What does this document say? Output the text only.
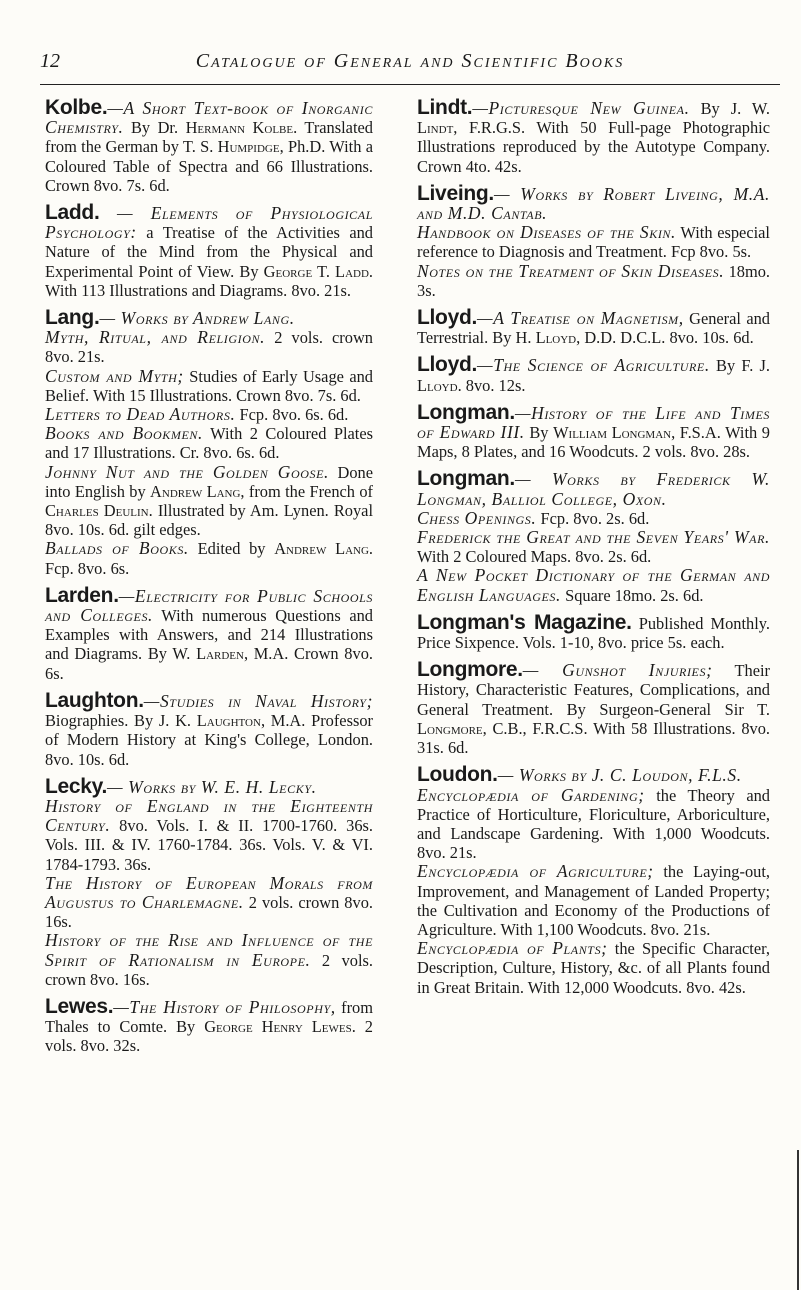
12	Catalogue of General and Scientific Books

Kolbe.—A Short Text-book of Inorganic Chemistry. By Dr. Hermann Kolbe. Translated from the German by T. S. Humpidge, Ph.D. With a Coloured Table of Spectra and 66 Illustrations. Crown 8vo. 7s. 6d.

Ladd. — Elements of Physiological Psychology: a Treatise of the Activities and Nature of the Mind from the Physical and Experimental Point of View. By George T. Ladd. With 113 Illustrations and Diagrams. 8vo. 21s.

Lang.— Works by Andrew Lang.
Myth, Ritual, and Religion. 2 vols. crown 8vo. 21s.
Custom and Myth; Studies of Early Usage and Belief. With 15 Illustrations. Crown 8vo. 7s. 6d.
Letters to Dead Authors. Fcp. 8vo. 6s. 6d.
Books and Bookmen. With 2 Coloured Plates and 17 Illustrations. Cr. 8vo. 6s. 6d.
Johnny Nut and the Golden Goose. Done into English by Andrew Lang, from the French of Charles Deulin. Illustrated by Am. Lynen. Royal 8vo. 10s. 6d. gilt edges.
Ballads of Books. Edited by Andrew Lang. Fcp. 8vo. 6s.

Larden.—Electricity for Public Schools and Colleges. With numerous Questions and Examples with Answers, and 214 Illustrations and Diagrams. By W. Larden, M.A. Crown 8vo. 6s.

Laughton.—Studies in Naval History; Biographies. By J. K. Laughton, M.A. Professor of Modern History at King's College, London. 8vo. 10s. 6d.

Lecky.— Works by W. E. H. Lecky.
History of England in the Eighteenth Century. 8vo. Vols. I. & II. 1700-1760. 36s. Vols. III. & IV. 1760-1784. 36s. Vols. V. & VI. 1784-1793. 36s.
The History of European Morals from Augustus to Charlemagne. 2 vols. crown 8vo. 16s.
History of the Rise and Influence of the Spirit of Rationalism in Europe. 2 vols. crown 8vo. 16s.

Lewes.—The History of Philosophy, from Thales to Comte. By George Henry Lewes. 2 vols. 8vo. 32s.

Lindt.—Picturesque New Guinea. By J. W. Lindt, F.R.G.S. With 50 Full-page Photographic Illustrations reproduced by the Autotype Company. Crown 4to. 42s.

Liveing.— Works by Robert Liveing, M.A. and M.D. Cantab.
Handbook on Diseases of the Skin. With especial reference to Diagnosis and Treatment. Fcp 8vo. 5s.
Notes on the Treatment of Skin Diseases. 18mo. 3s.

Lloyd.—A Treatise on Magnetism, General and Terrestrial. By H. Lloyd, D.D. D.C.L. 8vo. 10s. 6d.

Lloyd.—The Science of Agriculture. By F. J. Lloyd. 8vo. 12s.

Longman.—History of the Life and Times of Edward III. By William Longman, F.S.A. With 9 Maps, 8 Plates, and 16 Woodcuts. 2 vols. 8vo. 28s.

Longman.— Works by Frederick W. Longman, Balliol College, Oxon.
Chess Openings. Fcp. 8vo. 2s. 6d.
Frederick the Great and the Seven Years' War. With 2 Coloured Maps. 8vo. 2s. 6d.
A New Pocket Dictionary of the German and English Languages. Square 18mo. 2s. 6d.

Longman's Magazine. Published Monthly. Price Sixpence. Vols. 1-10, 8vo. price 5s. each.

Longmore.— Gunshot Injuries; Their History, Characteristic Features, Complications, and General Treatment. By Surgeon-General Sir T. Longmore, C.B., F.R.C.S. With 58 Illustrations. 8vo. 31s. 6d.

Loudon.— Works by J. C. Loudon, F.L.S.
Encyclopædia of Gardening; the Theory and Practice of Horticulture, Floriculture, Arboriculture, and Landscape Gardening. With 1,000 Woodcuts. 8vo. 21s.
Encyclopædia of Agriculture; the Laying-out, Improvement, and Management of Landed Property; the Cultivation and Economy of the Productions of Agriculture. With 1,100 Woodcuts. 8vo. 21s.
Encyclopædia of Plants; the Specific Character, Description, Culture, History, &c. of all Plants found in Great Britain. With 12,000 Woodcuts. 8vo. 42s.
